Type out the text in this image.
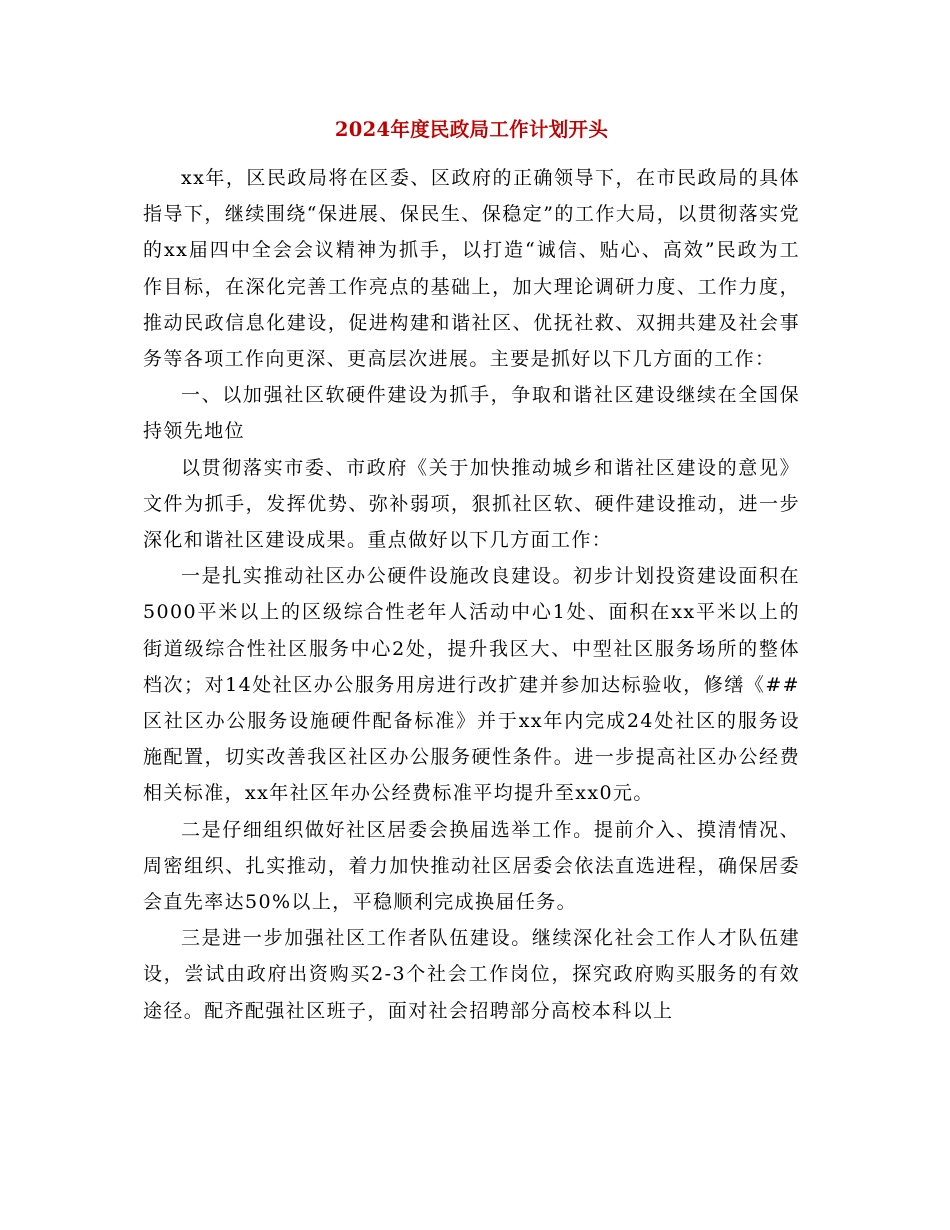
2024年度民政局工作计划开头

xx年，区民政局将在区委、区政府的正确领导下，在市民政局的具体指导下，继续围绕“保进展、保民生、保稳定”的工作大局，以贯彻落实党的xx届四中全会会议精神为抓手，以打造“诚信、贴心、高效”民政为工作目标，在深化完善工作亮点的基础上，加大理论调研力度、工作力度，推动民政信息化建设，促进构建和谐社区、优抚社救、双拥共建及社会事务等各项工作向更深、更高层次进展。主要是抓好以下几方面的工作：

一、以加强社区软硬件建设为抓手，争取和谐社区建设继续在全国保持领先地位

以贯彻落实市委、市政府《关于加快推动城乡和谐社区建设的意见》文件为抓手，发挥优势、弥补弱项，狠抓社区软、硬件建设推动，进一步深化和谐社区建设成果。重点做好以下几方面工作：

一是扎实推动社区办公硬件设施改良建设。初步计划投资建设面积在5000平米以上的区级综合性老年人活动中心1处、面积在xx平米以上的街道级综合性社区服务中心2处，提升我区大、中型社区服务场所的整体档次；对14处社区办公服务用房进行改扩建并参加达标验收，修缮《##区社区办公服务设施硬件配备标准》并于xx年内完成24处社区的服务设施配置，切实改善我区社区办公服务硬性条件。进一步提高社区办公经费相关标准，xx年社区年办公经费标准平均提升至xx0元。

二是仔细组织做好社区居委会换届选举工作。提前介入、摸清情况、周密组织、扎实推动，着力加快推动社区居委会依法直选进程，确保居委会直先率达50%以上，平稳顺利完成换届任务。

三是进一步加强社区工作者队伍建设。继续深化社会工作人才队伍建设，尝试由政府出资购买2-3个社会工作岗位，探究政府购买服务的有效途径。配齐配强社区班子，面对社会招聘部分高校本科以上
